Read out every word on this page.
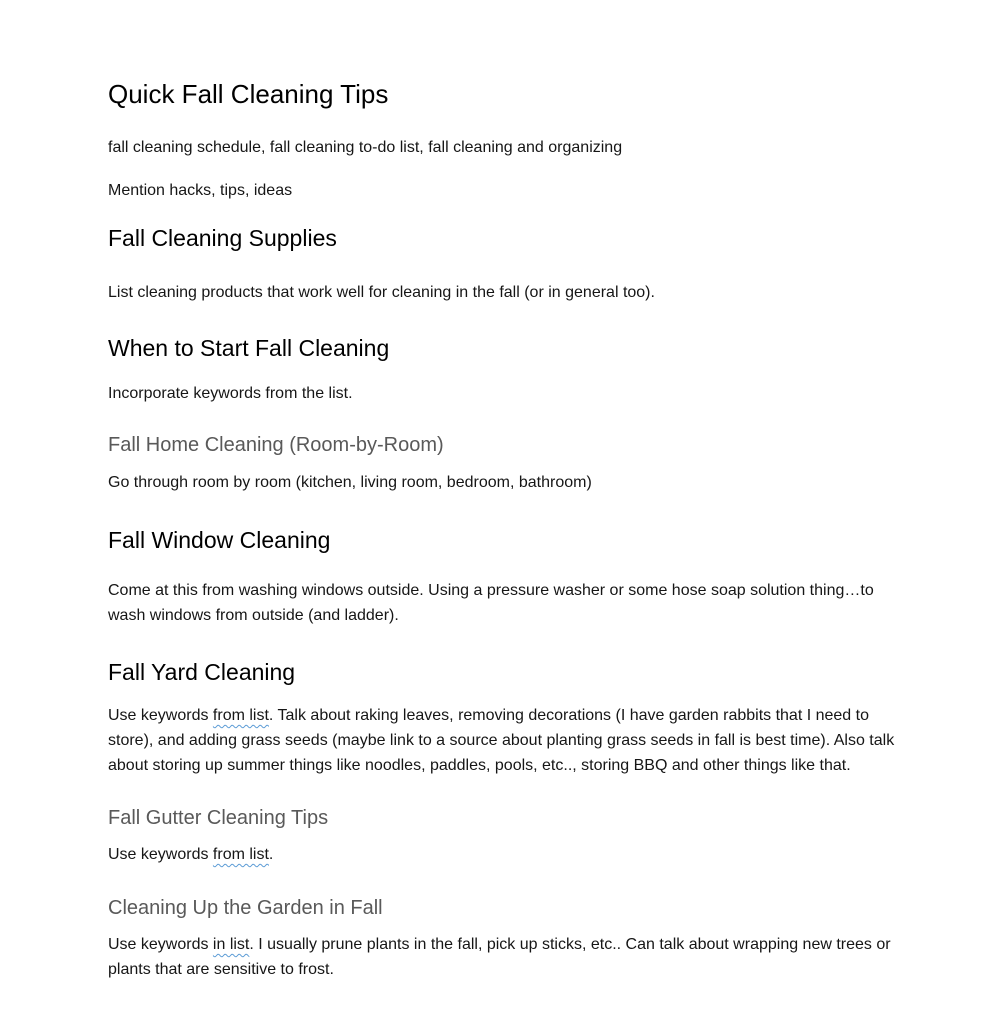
Quick Fall Cleaning Tips

fall cleaning schedule, fall cleaning to-do list, fall cleaning and organizing

Mention hacks, tips, ideas

Fall Cleaning Supplies

List cleaning products that work well for cleaning in the fall (or in general too).

When to Start Fall Cleaning

Incorporate keywords from the list.

Fall Home Cleaning (Room-by-Room)

Go through room by room (kitchen, living room, bedroom, bathroom)

Fall Window Cleaning

Come at this from washing windows outside. Using a pressure washer or some hose soap solution thing…to wash windows from outside (and ladder).

Fall Yard Cleaning

Use keywords from list. Talk about raking leaves, removing decorations (I have garden rabbits that I need to store), and adding grass seeds (maybe link to a source about planting grass seeds in fall is best time). Also talk about storing up summer things like noodles, paddles, pools, etc.., storing BBQ and other things like that.

Fall Gutter Cleaning Tips

Use keywords from list.

Cleaning Up the Garden in Fall

Use keywords in list. I usually prune plants in the fall, pick up sticks, etc.. Can talk about wrapping new trees or plants that are sensitive to frost.
